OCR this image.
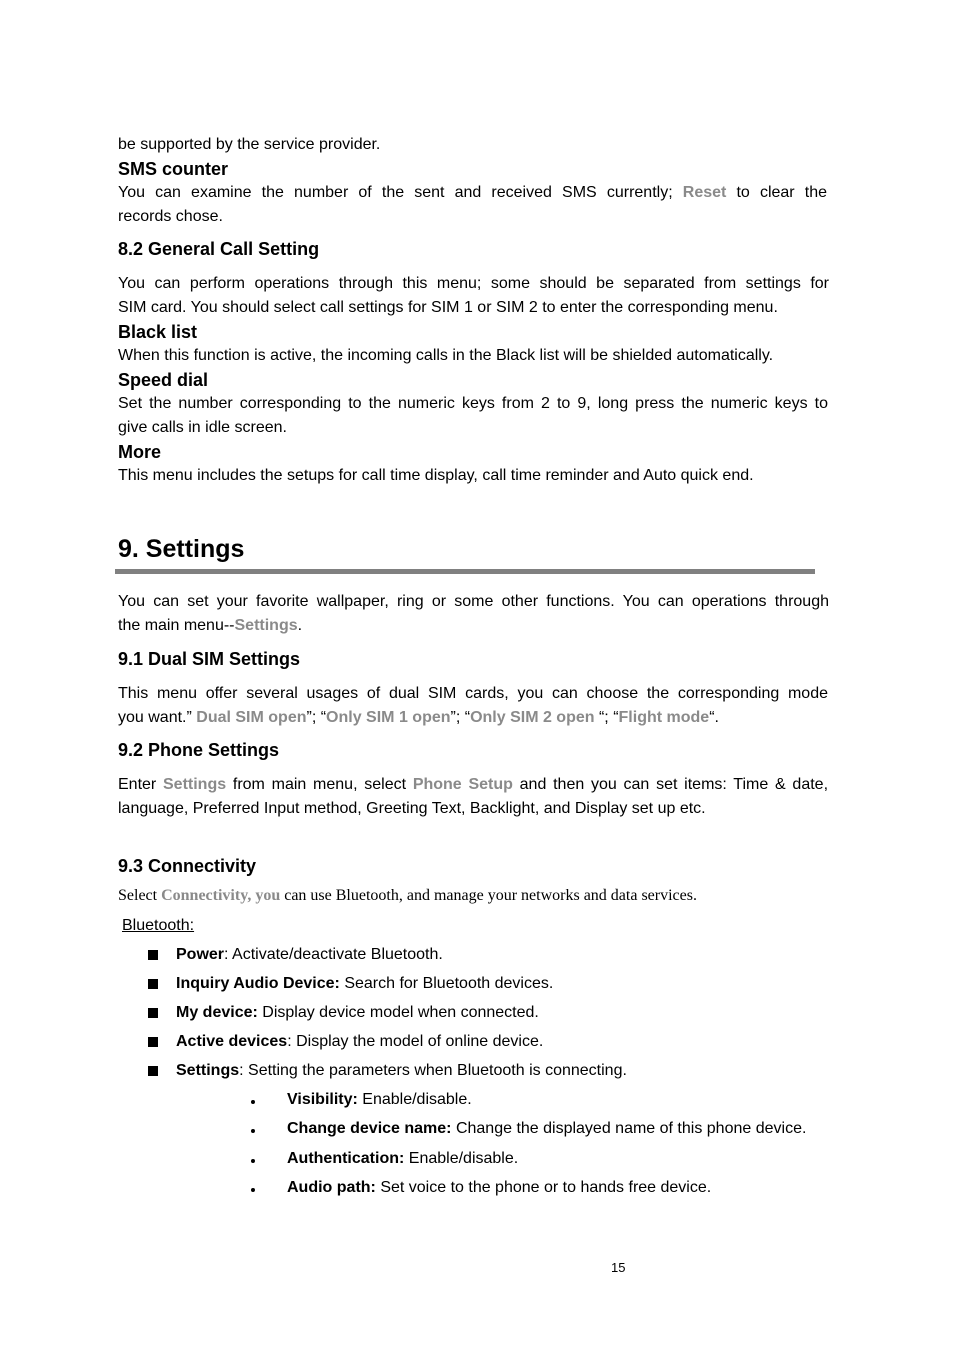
be supported by the service provider.
SMS counter
You can examine the number of the sent and received SMS currently; Reset to clear the
records chose.
8.2 General Call Setting
You can perform operations through this menu; some should be separated from settings for
SIM card. You should select call settings for SIM 1 or SIM 2 to enter the corresponding menu.
Black list
When this function is active, the incoming calls in the Black list will be shielded automatically.
Speed dial
Set the number corresponding to the numeric keys from 2 to 9, long press the numeric keys to
give calls in idle screen.
More
This menu includes the setups for call time display, call time reminder and Auto quick end.
9. Settings
You can set your favorite wallpaper, ring or some other functions. You can operations through
the main menu--Settings.
9.1 Dual SIM Settings
This menu offer several usages of dual SIM cards, you can choose the corresponding mode
you want.” Dual SIM open”; “Only SIM 1 open”; “Only SIM 2 open “; “Flight mode“.
9.2 Phone Settings
Enter Settings from main menu, select Phone Setup and then you can set items: Time & date,
language, Preferred Input method, Greeting Text, Backlight, and Display set up etc.
9.3 Connectivity
Select Connectivity, you can use Bluetooth, and manage your networks and data services.
Bluetooth:
Power: Activate/deactivate Bluetooth.
Inquiry Audio Device: Search for Bluetooth devices.
My device: Display device model when connected.
Active devices: Display the model of online device.
Settings: Setting the parameters when Bluetooth is connecting.
Visibility: Enable/disable.
Change device name: Change the displayed name of this phone device.
Authentication: Enable/disable.
Audio path: Set voice to the phone or to hands free device.
15
